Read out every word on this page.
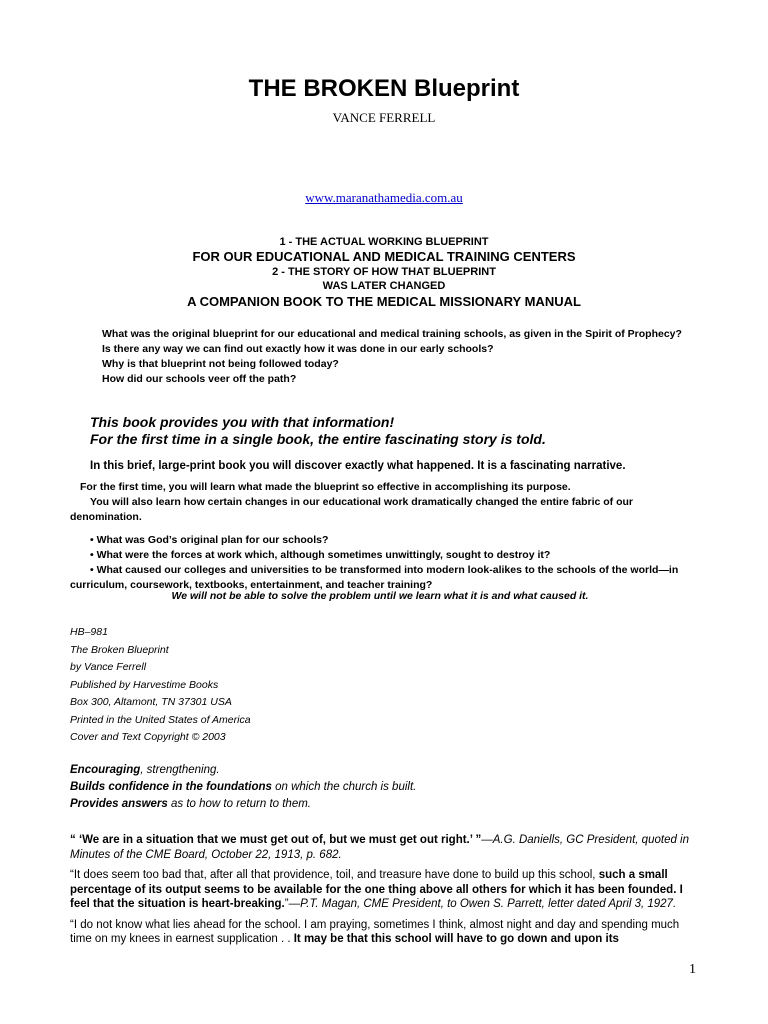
THE BROKEN Blueprint
VANCE FERRELL
www.maranathamedia.com.au
1 - THE ACTUAL WORKING BLUEPRINT
FOR OUR EDUCATIONAL AND MEDICAL TRAINING CENTERS
2 - THE STORY OF HOW THAT BLUEPRINT
WAS LATER CHANGED
A COMPANION BOOK TO THE MEDICAL MISSIONARY MANUAL
What was the original blueprint for our educational and medical training schools, as given in the Spirit of Prophecy?
Is there any way we can find out exactly how it was done in our early schools?
Why is that blueprint not being followed today?
How did our schools veer off the path?
This book provides you with that information!
For the first time in a single book, the entire fascinating story is told.
In this brief, large-print book you will discover exactly what happened. It is a fascinating narrative.
For the first time, you will learn what made the blueprint so effective in accomplishing its purpose.
You will also learn how certain changes in our educational work dramatically changed the entire fabric of our denomination.
• What was God’s original plan for our schools?
• What were the forces at work which, although sometimes unwittingly, sought to destroy it?
• What caused our colleges and universities to be transformed into modern look-alikes to the schools of the world—in curriculum, coursework, textbooks, entertainment, and teacher training?
We will not be able to solve the problem until we learn what it is and what caused it.
HB–981
The Broken Blueprint
by Vance Ferrell
Published by Harvestime Books
Box 300, Altamont, TN 37301 USA
Printed in the United States of America
Cover and Text Copyright © 2003
Encouraging, strengthening.
Builds confidence in the foundations on which the church is built.
Provides answers as to how to return to them.

“ ‘We are in a situation that we must get out of, but we must get out right.’ ”—A.G. Daniells, GC President, quoted in Minutes of the CME Board, October 22, 1913, p. 682.

“It does seem too bad that, after all that providence, toil, and treasure have done to build up this school, such a small percentage of its output seems to be available for the one thing above all others for which it has been founded. I feel that the situation is heart-breaking.”—P.T. Magan, CME President, to Owen S. Parrett, letter dated April 3, 1927.

“I do not know what lies ahead for the school. I am praying, sometimes I think, almost night and day and spending much time on my knees in earnest supplication . . It may be that this school will have to go down and upon its

1
